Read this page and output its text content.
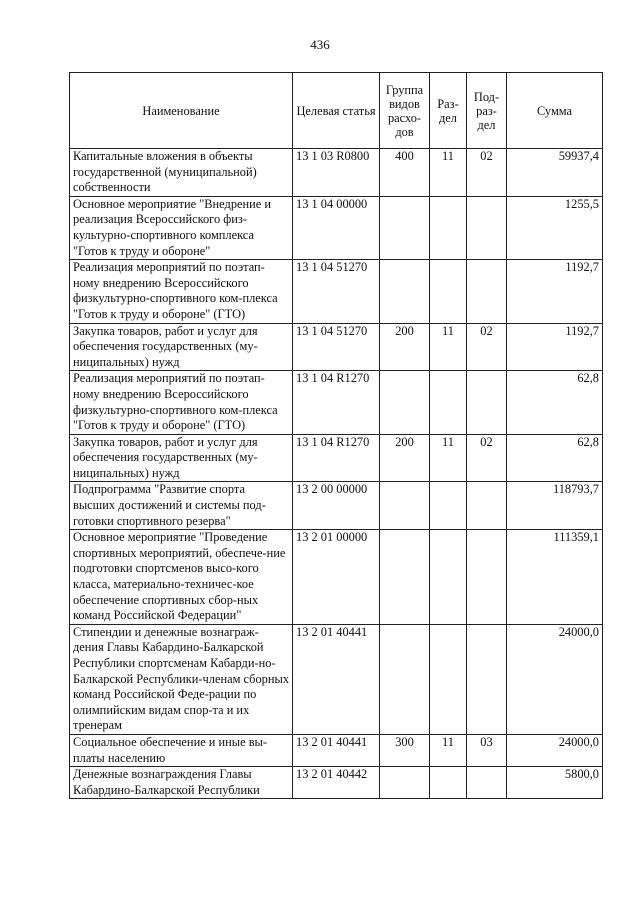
436
Наименование	Целевая статья	Группа видов расхо-дов	Раз-дел	Под-раз-дел	Сумма
Капитальные вложения в объекты государственной (муниципальной) собственности	13 1 03 R0800	400	11	02	59937,4
Основное мероприятие "Внедрение и реализация Всероссийского физ-культурно-спортивного комплекса "Готов к труду и обороне"	13 1 04 00000				1255,5
Реализация мероприятий по поэтап-ному внедрению Всероссийского физкультурно-спортивного ком-плекса "Готов к труду и обороне" (ГТО)	13 1 04 51270				1192,7
Закупка товаров, работ и услуг для обеспечения государственных (му-ниципальных) нужд	13 1 04 51270	200	11	02	1192,7
Реализация мероприятий по поэтап-ному внедрению Всероссийского физкультурно-спортивного ком-плекса "Готов к труду и обороне" (ГТО)	13 1 04 R1270				62,8
Закупка товаров, работ и услуг для обеспечения государственных (му-ниципальных) нужд	13 1 04 R1270	200	11	02	62,8
Подпрограмма "Развитие спорта высших достижений и системы под-готовки спортивного резерва"	13 2 00 00000				118793,7
Основное мероприятие "Проведение спортивных мероприятий, обеспече-ние подготовки спортсменов высо-кого класса, материально-техничес-кое обеспечение спортивных сбор-ных команд Российской Федерации"	13 2 01 00000				111359,1
Стипендии и денежные вознаграж-дения Главы Кабардино-Балкарской Республики спортсменам Кабарди-но-Балкарской Республики-членам сборных команд Российской Феде-рации по олимпийским видам спор-та и их тренерам	13 2 01 40441				24000,0
Социальное обеспечение и иные вы-платы населению	13 2 01 40441	300	11	03	24000,0
Денежные вознаграждения Главы Кабардино-Балкарской Республики	13 2 01 40442				5800,0
